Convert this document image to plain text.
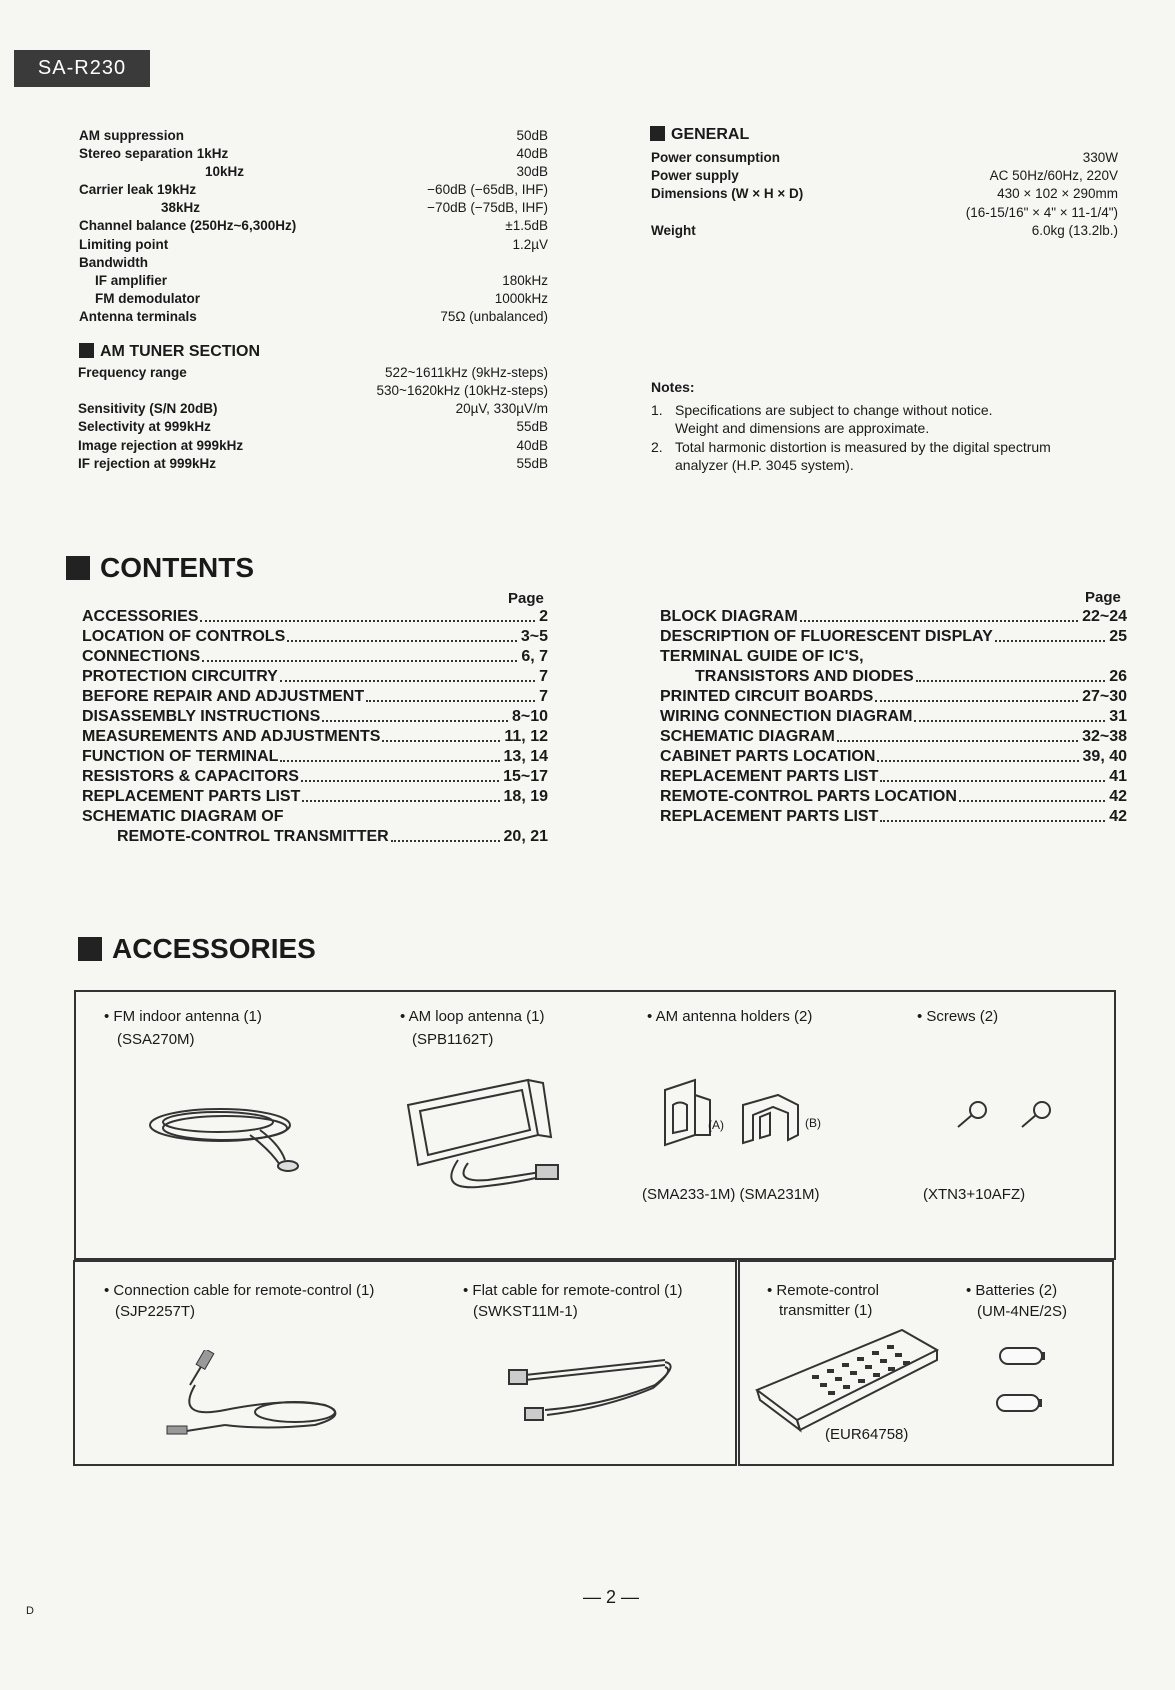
SA-R230
AM suppression	50dB
Stereo separation 1kHz	40dB
10kHz	30dB
Carrier leak 19kHz	−60dB (−65dB, IHF)
38kHz	−70dB (−75dB, IHF)
Channel balance (250Hz~6,300Hz)	±1.5dB
Limiting point	1.2µV
Bandwidth
IF amplifier	180kHz
FM demodulator	1000kHz
Antenna terminals	75Ω (unbalanced)
AM TUNER SECTION
Frequency range	522~1611kHz (9kHz-steps)
530~1620kHz (10kHz-steps)
Sensitivity (S/N 20dB)	20µV, 330µV/m
Selectivity at 999kHz	55dB
Image rejection at 999kHz	40dB
IF rejection at 999kHz	55dB
GENERAL
Power consumption	330W
Power supply	AC 50Hz/60Hz, 220V
Dimensions (W × H × D)	430 × 102 × 290mm
(16-15/16" × 4" × 11-1/4")
Weight	6.0kg (13.2lb.)
Notes:
1. Specifications are subject to change without notice.
Weight and dimensions are approximate.
2. Total harmonic distortion is measured by the digital spectrum
analyzer (H.P. 3045 system).
CONTENTS
Page	Page
ACCESSORIES	2
LOCATION OF CONTROLS	3~5
CONNECTIONS	6, 7
PROTECTION CIRCUITRY	7
BEFORE REPAIR AND ADJUSTMENT	7
DISASSEMBLY INSTRUCTIONS	8~10
MEASUREMENTS AND ADJUSTMENTS	11, 12
FUNCTION OF TERMINAL	13, 14
RESISTORS & CAPACITORS	15~17
REPLACEMENT PARTS LIST	18, 19
SCHEMATIC DIAGRAM OF
REMOTE-CONTROL TRANSMITTER	20, 21
BLOCK DIAGRAM	22~24
DESCRIPTION OF FLUORESCENT DISPLAY	25
TERMINAL GUIDE OF IC'S,
TRANSISTORS AND DIODES	26
PRINTED CIRCUIT BOARDS	27~30
WIRING CONNECTION DIAGRAM	31
SCHEMATIC DIAGRAM	32~38
CABINET PARTS LOCATION	39, 40
REPLACEMENT PARTS LIST	41
REMOTE-CONTROL PARTS LOCATION	42
REPLACEMENT PARTS LIST	42
ACCESSORIES
• FM indoor antenna (1)
(SSA270M)
• AM loop antenna (1)
(SPB1162T)
• AM antenna holders (2)
(A)	(B)
(SMA233-1M) (SMA231M)
• Screws (2)
(XTN3+10AFZ)
• Connection cable for remote-control (1)
(SJP2257T)
• Flat cable for remote-control (1)
(SWKST11M-1)
• Remote-control
transmitter (1)
(EUR64758)
• Batteries (2)
(UM-4NE/2S)
— 2 —
D
